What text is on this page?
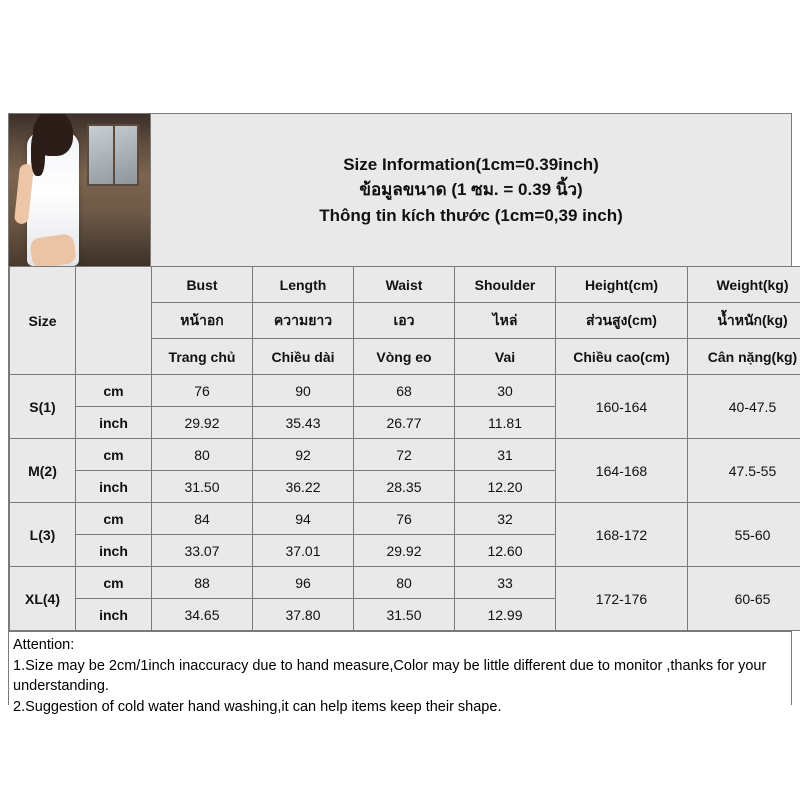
Size Information(1cm=0.39inch)
ข้อมูลขนาด (1 ซม. = 0.39 นิ้ว)
Thông tin kích thước (1cm=0,39 inch)
Size		Bust	Length	Waist	Shoulder	Height(cm)	Weight(kg)
		หน้าอก	ความยาว	เอว	ไหล่	ส่วนสูง(cm)	น้ำหนัก(kg)
		Trang chủ	Chiều dài	Vòng eo	Vai	Chiều cao(cm)	Cân nặng(kg)
S(1)	cm	76	90	68	30	160-164	40-47.5
	inch	29.92	35.43	26.77	11.81		
M(2)	cm	80	92	72	31	164-168	47.5-55
	inch	31.50	36.22	28.35	12.20		
L(3)	cm	84	94	76	32	168-172	55-60
	inch	33.07	37.01	29.92	12.60		
XL(4)	cm	88	96	80	33	172-176	60-65
	inch	34.65	37.80	31.50	12.99		
Attention:
1.Size may be 2cm/1inch inaccuracy due to hand measure,Color may be little different due to monitor ,thanks for your understanding.
2.Suggestion of cold water hand washing,it can help items keep their shape.
